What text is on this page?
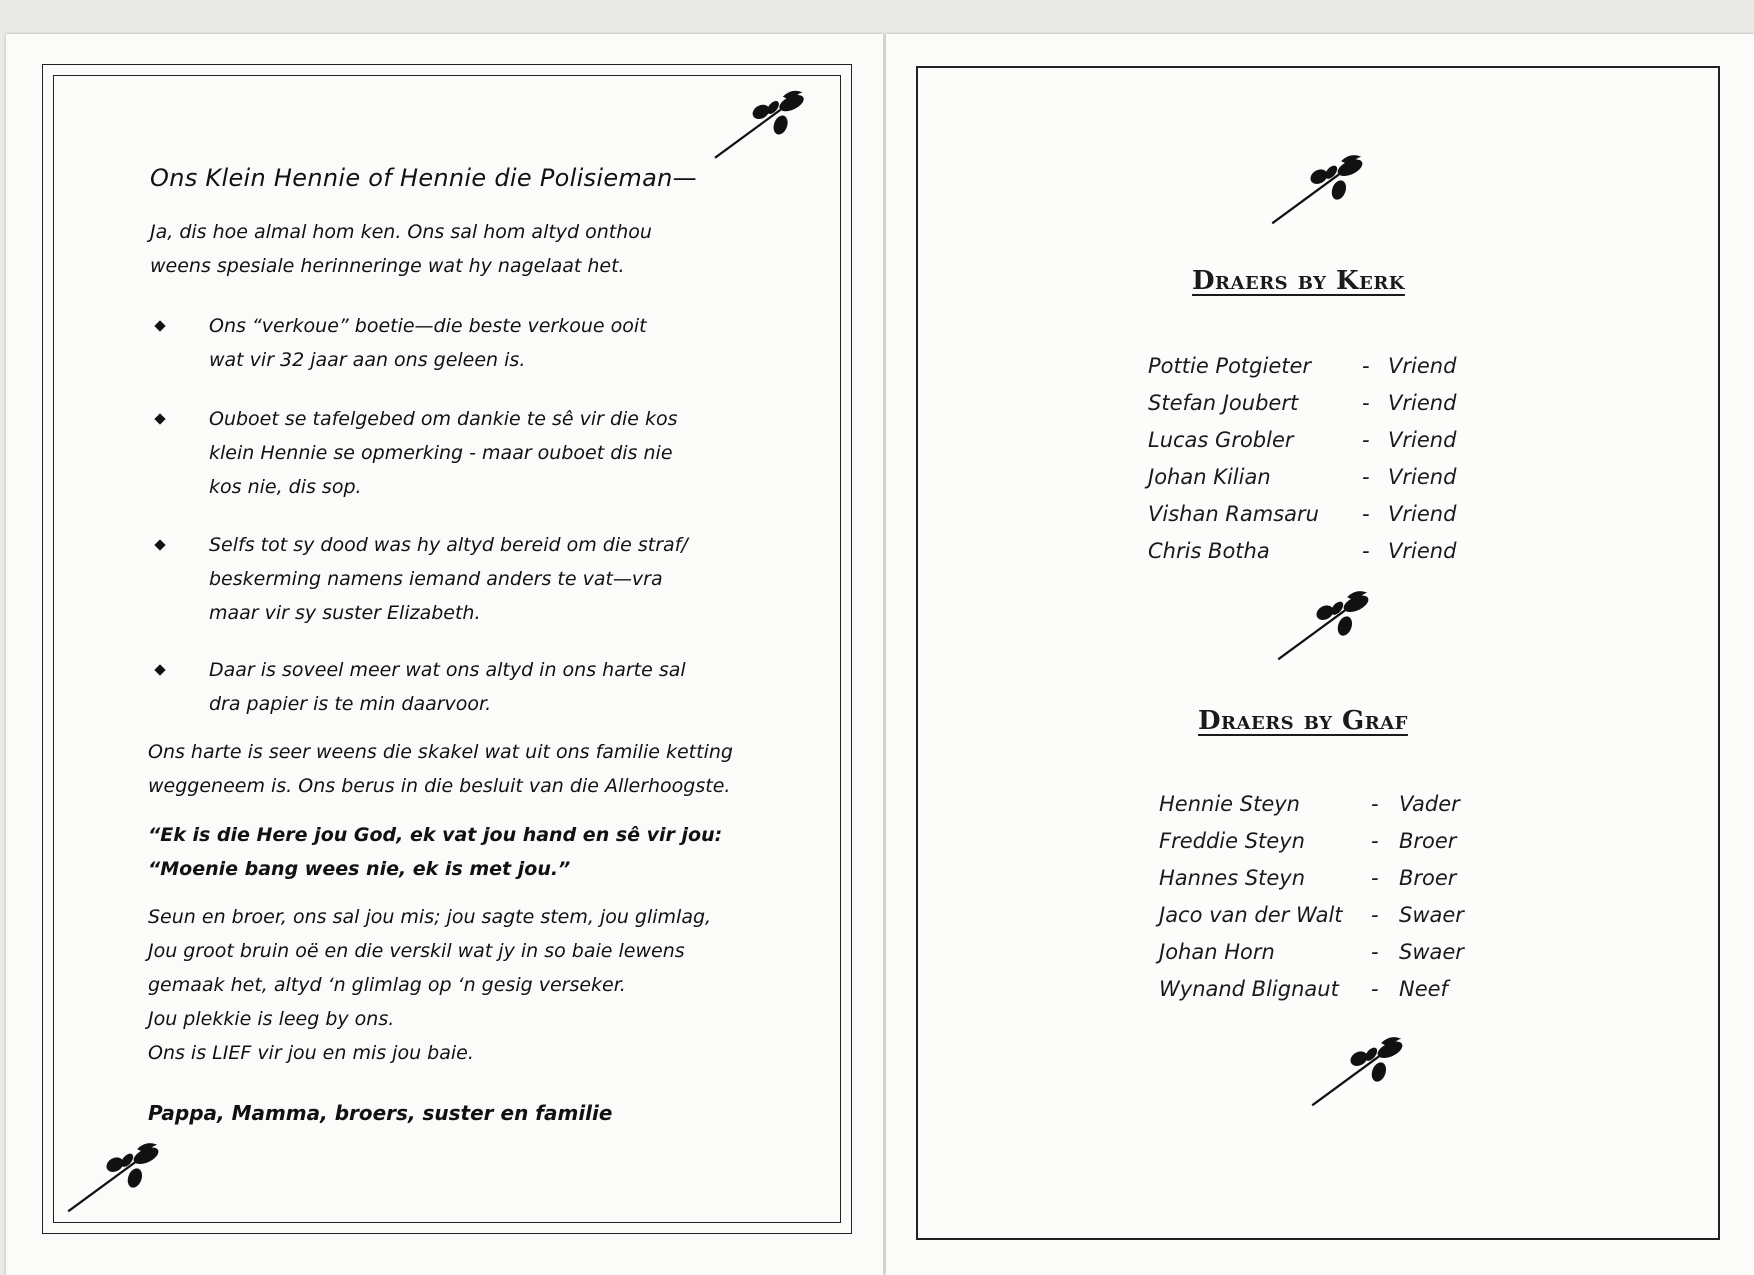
Ons Klein Hennie of Hennie die Polisieman—
Ja, dis hoe almal hom ken. Ons sal hom altyd onthou
weens spesiale herinneringe wat hy nagelaat het.
Ons “verkoue” boetie—die beste verkoue ooit
wat vir 32 jaar aan ons geleen is.
Ouboet se tafelgebed om dankie te sê vir die kos
klein Hennie se opmerking - maar ouboet dis nie
kos nie, dis sop.
Selfs tot sy dood was hy altyd bereid om die straf/
beskerming namens iemand anders te vat—vra
maar vir sy suster Elizabeth.
Daar is soveel meer wat ons altyd in ons harte sal
dra papier is te min daarvoor.
Ons harte is seer weens die skakel wat uit ons familie ketting
weggeneem is. Ons berus in die besluit van die Allerhoogste.
“Ek is die Here jou God, ek vat jou hand en sê vir jou:
“Moenie bang wees nie, ek is met jou.”
Seun en broer, ons sal jou mis; jou sagte stem, jou glimlag,
Jou groot bruin oë en die verskil wat jy in so baie lewens
gemaak het, altyd ‘n glimlag op ‘n gesig verseker.
Jou plekkie is leeg by ons.
Ons is LIEF vir jou en mis jou baie.
Pappa, Mamma, broers, suster en familie
Draers by Kerk
Pottie Potgieter - Vriend
Stefan Joubert	- Vriend
Lucas Grobler	- Vriend
Johan Kilian	- Vriend
Vishan Ramsaru - Vriend
Chris Botha	- Vriend
Draers by Graf
Hennie Steyn	- Vader
Freddie Steyn	- Broer
Hannes Steyn	- Broer
Jaco van der Walt - Swaer
Johan Horn	- Swaer
Wynand Blignaut - Neef
